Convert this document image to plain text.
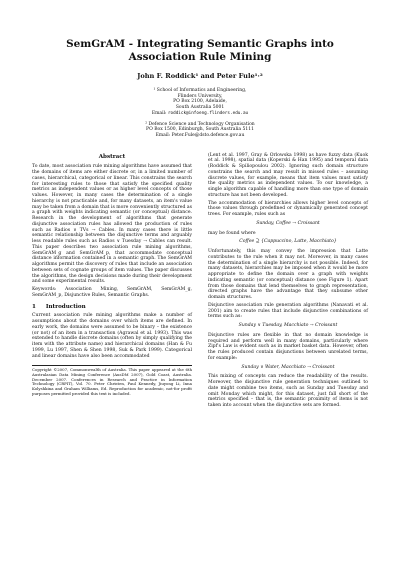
SemGrAM - Integrating Semantic Graphs into
Association Rule Mining
John F. Roddick¹ and Peter Fule¹·²
¹ School of Informatics and Engineering,
Flinders University,
PO Box 2100, Adelaide,
South Australia 5001
Email: roddick@infoeng.flinders.edu.au
² Defence Science and Technology Organisation
PO Box 1500, Edinburgh, South Australia 5111
Email: Peter.Fule@dsto.defence.gov.au
Abstract

To date, most association rule mining algorithms have assumed that the domains of items are either discrete or, in a limited number of cases, hierarchical, categorical or linear. This constrains the search for interesting rules to those that satisfy the specified quality metrics as independent values or as higher level concepts of those values. However, in many cases the determination of a single hierarchy is not practicable and, for many datasets, an item's value may be taken from a domain that is more conveniently structured as a graph with weights indicating semantic (or conceptual) distance. Research in the development of algorithms that generate disjunctive association rules has allowed the production of rules such as Radios ∨ TVs → Cables. In many cases there is little semantic relationship between the disjunctive terms and arguably less readable rules such as Radios ∨ Tuesday → Cables can result. This paper describes two association rule mining algorithms, SemGrAM_g and SemGrAM_p, that accommodate conceptual distance information contained in a semantic graph. The SemGrAM algorithms permit the discovery of rules that include an association between sets of cognate groups of item values. The paper discusses the algorithms, the design decisions made during their development and some experimental results.

Keywords: Association Mining, SemGrAM, SemGrAM_g, SemGrAM_p, Disjunctive Rules, Semantic Graphs.

1 Introduction

Current association rule mining algorithms make a number of assumptions about the domains over which items are defined. In early work, the domains were assumed to be binary – the existence (or not) of an item in a transaction (Agrawal et al. 1993). This was extended to handle discrete domains (often by simply qualifying the item with the attribute name) and hierarchical domains (Han & Fu 1999, Lu 1997, Shen & Shen 1998, Suk & Park 1999). Categorical and linear domains have also been accommodated

Copyright ©2007, Commonwealth of Australia. This paper appeared at the 6th Australasian Data Mining Conference (AusDM 2007), Gold Coast, Australia. December 2007. Conferences in Research and Practice in Information Technology (CRPIT), Vol. 70. Peter Christen, Paul Kennedy, Jiuyong Li, Inna Kolyshkina and Graham Williams, Ed. Reproduction for academic, not-for profit purposes permitted provided this text is included.

(Lent et al. 1997, Gray & Orlowska 1998) as have fuzzy data (Kuok et al. 1998), spatial data (Koperski & Han 1995) and temporal data (Roddick & Spiliopoulou 2002). Ignoring such domain structure constrains the search and may result in missed rules – assuming discrete values, for example, means that item values must satisfy the quality metrics as independent values. To our knowledge, a single algorithm capable of handling more than one type of domain structure has not been developed.

The accommodation of hierarchies allows higher level concepts of those values through predefined or dynamically generated concept trees. For example, rules such as

Sunday, Coffee → Croissant

may be found where

Coffee ⊇ {Cappuccino, Latte, Macchiato}

Unfortunately, this may convey the impression that Latte contributes to the rule when it may not. Moreover, in many cases the determination of a single hierarchy is not possible. Indeed, for many datasets, hierarchies may be imposed when it would be more appropriate to define the domain over a graph with weights indicating semantic (or conceptual) distance (see Figure 1). Apart from those domains that lend themselves to graph representation, directed graphs have the advantage that they subsume other domain structures.

Disjunctive association rule generation algorithms (Nanavati et al. 2001) aim to create rules that include disjunctive combinations of terms such as:

Sunday ∨ Tuesday, Macchiato → Croissant

Disjunctive rules are flexible in that no domain knowledge is required and perform well in many domains, particularly where Zipf's Law is evident such as in market basket data. However, often the rules produced contain disjunctions between unrelated terms, for example:

Sunday ∨ Water, Macchiato → Croissant

This mixing of concepts can reduce the readability of the results. Moreover, the disjunctive rule generation techniques outlined to date might combine two items, such as Sunday and Tuesday and omit Monday which might, for this dataset, just fall short of the metrics specified – that is, the semantic proximity of items is not taken into account when the disjunctive sets are formed.
